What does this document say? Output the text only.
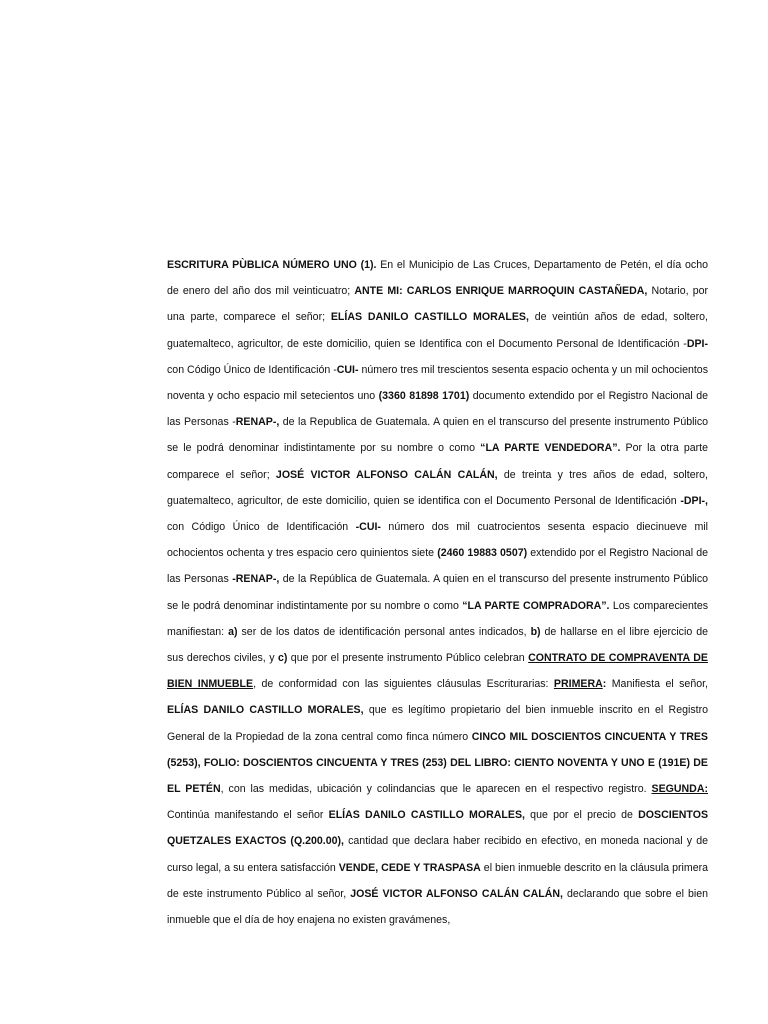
ESCRITURA PÙBLICA NÚMERO UNO (1). En el Municipio de Las Cruces, Departamento de Petén, el día ocho de enero del año dos mil veinticuatro; ANTE MI: CARLOS ENRIQUE MARROQUIN CASTAÑEDA, Notario, por una parte, comparece el señor; ELÍAS DANILO CASTILLO MORALES, de veintiún años de edad, soltero, guatemalteco, agricultor, de este domicilio, quien se Identifica con el Documento Personal de Identificación -DPI- con Código Único de Identificación -CUI- número tres mil trescientos sesenta espacio ochenta y un mil ochocientos noventa y ocho espacio mil setecientos uno (3360 81898 1701) documento extendido por el Registro Nacional de las Personas -RENAP-, de la Republica de Guatemala. A quien en el transcurso del presente instrumento Público se le podrá denominar indistintamente por su nombre o como “LA PARTE VENDEDORA”. Por la otra parte comparece el señor; JOSÉ VICTOR ALFONSO CALÁN CALÁN, de treinta y tres años de edad, soltero, guatemalteco, agricultor, de este domicilio, quien se identifica con el Documento Personal de Identificación -DPI-, con Código Único de Identificación -CUI- número dos mil cuatrocientos sesenta espacio diecinueve mil ochocientos ochenta y tres espacio cero quinientos siete (2460 19883 0507) extendido por el Registro Nacional de las Personas -RENAP-, de la República de Guatemala. A quien en el transcurso del presente instrumento Público se le podrá denominar indistintamente por su nombre o como “LA PARTE COMPRADORA”. Los comparecientes manifiestan: a) ser de los datos de identificación personal antes indicados, b) de hallarse en el libre ejercicio de sus derechos civiles, y c) que por el presente instrumento Público celebran CONTRATO DE COMPRAVENTA DE BIEN INMUEBLE, de conformidad con las siguientes cláusulas Escriturarias: PRIMERA: Manifiesta el señor, ELÍAS DANILO CASTILLO MORALES, que es legítimo propietario del bien inmueble inscrito en el Registro General de la Propiedad de la zona central como finca número CINCO MIL DOSCIENTOS CINCUENTA Y TRES (5253), FOLIO: DOSCIENTOS CINCUENTA Y TRES (253) DEL LIBRO: CIENTO NOVENTA Y UNO E (191E) DE EL PETÉN, con las medidas, ubicación y colindancias que le aparecen en el respectivo registro. SEGUNDA: Continúa manifestando el señor ELÍAS DANILO CASTILLO MORALES, que por el precio de DOSCIENTOS QUETZALES EXACTOS (Q.200.00), cantidad que declara haber recibido en efectivo, en moneda nacional y de curso legal, a su entera satisfacción VENDE, CEDE Y TRASPASA el bien inmueble descrito en la cláusula primera de este instrumento Público al señor, JOSÉ VICTOR ALFONSO CALÁN CALÁN, declarando que sobre el bien inmueble que el día de hoy enajena no existen gravámenes,
